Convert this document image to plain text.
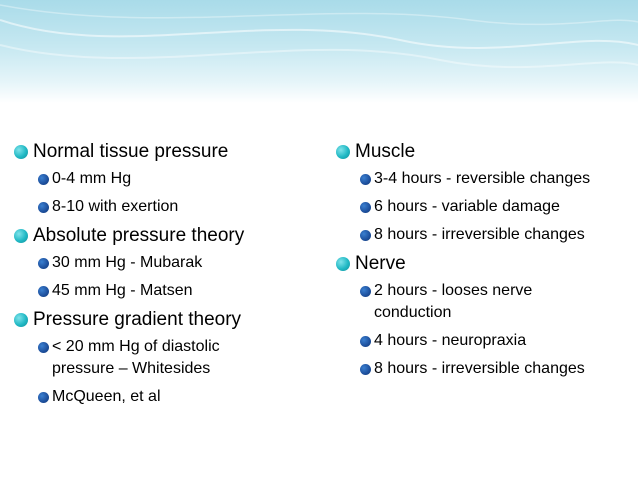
Normal tissue pressure
0-4 mm Hg
8-10 with exertion
Absolute pressure theory
30 mm Hg - Mubarak
45 mm Hg - Matsen
Pressure gradient theory
< 20 mm Hg of diastolic pressure – Whitesides
McQueen, et al
Muscle
3-4 hours - reversible changes
6 hours - variable damage
8 hours - irreversible changes
Nerve
2 hours - looses nerve conduction
4 hours - neuropraxia
8 hours - irreversible changes
